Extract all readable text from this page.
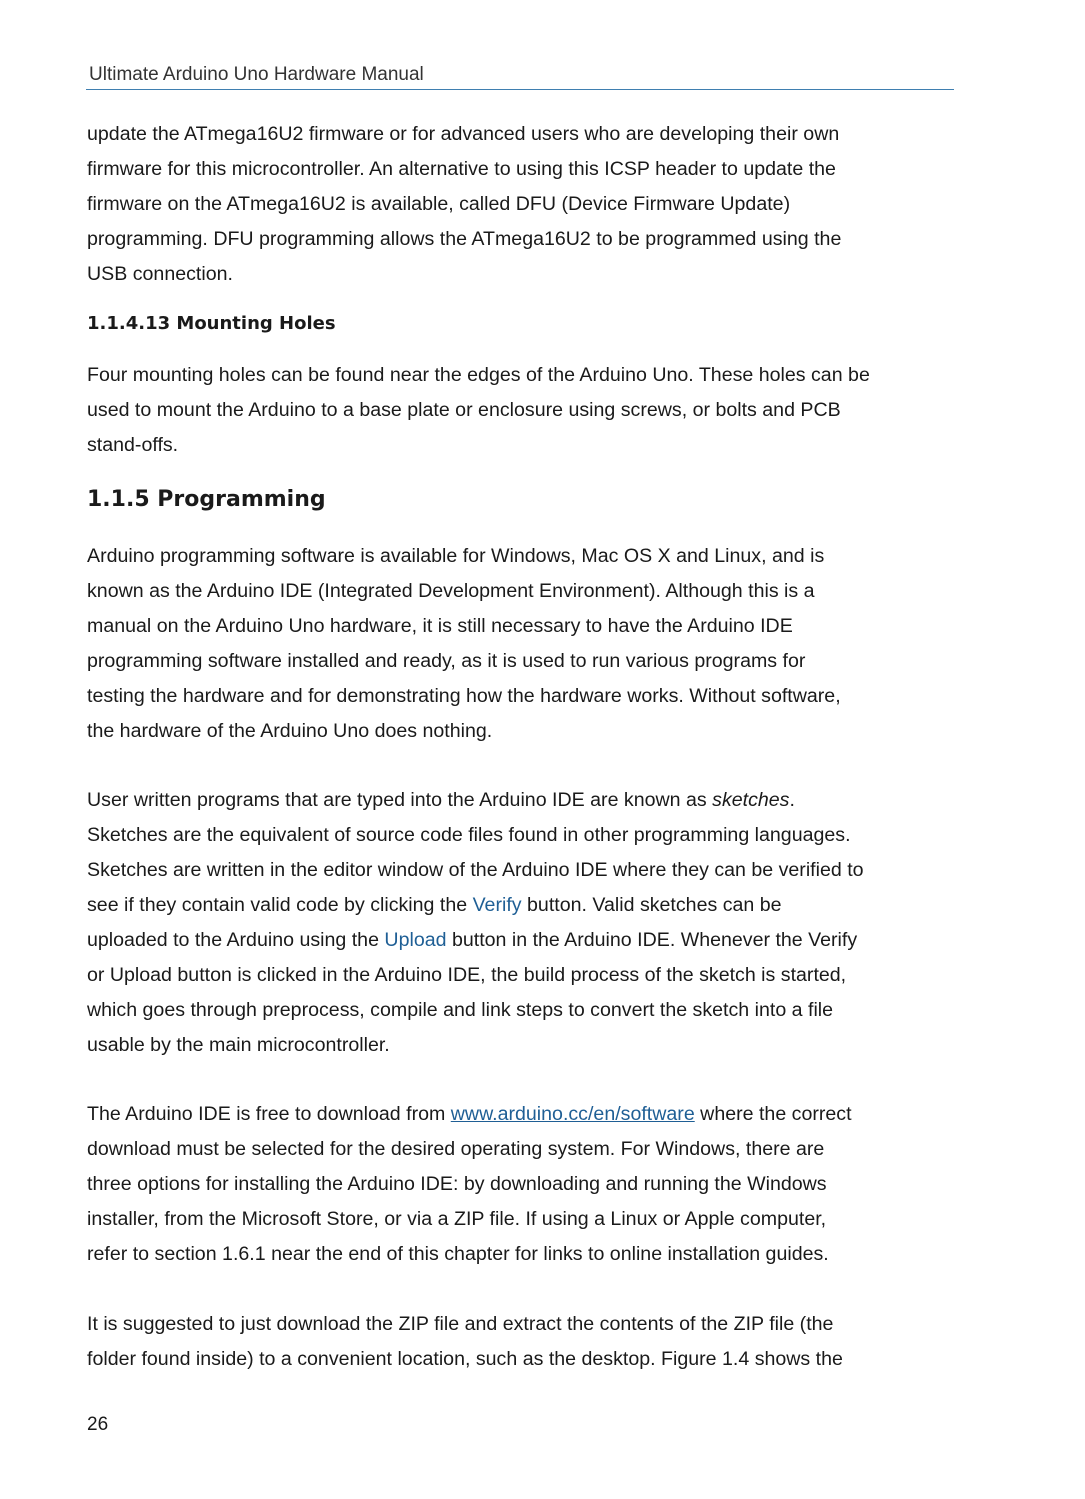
Ultimate Arduino Uno Hardware Manual
update the ATmega16U2 firmware or for advanced users who are developing their own
firmware for this microcontroller. An alternative to using this ICSP header to update the
firmware on the ATmega16U2 is available, called DFU (Device Firmware Update)
programming. DFU programming allows the ATmega16U2 to be programmed using the
USB connection.
1.1.4.13 Mounting Holes
Four mounting holes can be found near the edges of the Arduino Uno. These holes can be
used to mount the Arduino to a base plate or enclosure using screws, or bolts and PCB
stand-offs.
1.1.5 Programming
Arduino programming software is available for Windows, Mac OS X and Linux, and is
known as the Arduino IDE (Integrated Development Environment). Although this is a
manual on the Arduino Uno hardware, it is still necessary to have the Arduino IDE
programming software installed and ready, as it is used to run various programs for
testing the hardware and for demonstrating how the hardware works. Without software,
the hardware of the Arduino Uno does nothing.
User written programs that are typed into the Arduino IDE are known as sketches.
Sketches are the equivalent of source code files found in other programming languages.
Sketches are written in the editor window of the Arduino IDE where they can be verified to
see if they contain valid code by clicking the Verify button. Valid sketches can be
uploaded to the Arduino using the Upload button in the Arduino IDE. Whenever the Verify
or Upload button is clicked in the Arduino IDE, the build process of the sketch is started,
which goes through preprocess, compile and link steps to convert the sketch into a file
usable by the main microcontroller.
The Arduino IDE is free to download from www.arduino.cc/en/software where the correct
download must be selected for the desired operating system. For Windows, there are
three options for installing the Arduino IDE: by downloading and running the Windows
installer, from the Microsoft Store, or via a ZIP file. If using a Linux or Apple computer,
refer to section 1.6.1 near the end of this chapter for links to online installation guides.
It is suggested to just download the ZIP file and extract the contents of the ZIP file (the
folder found inside) to a convenient location, such as the desktop. Figure 1.4 shows the
26
